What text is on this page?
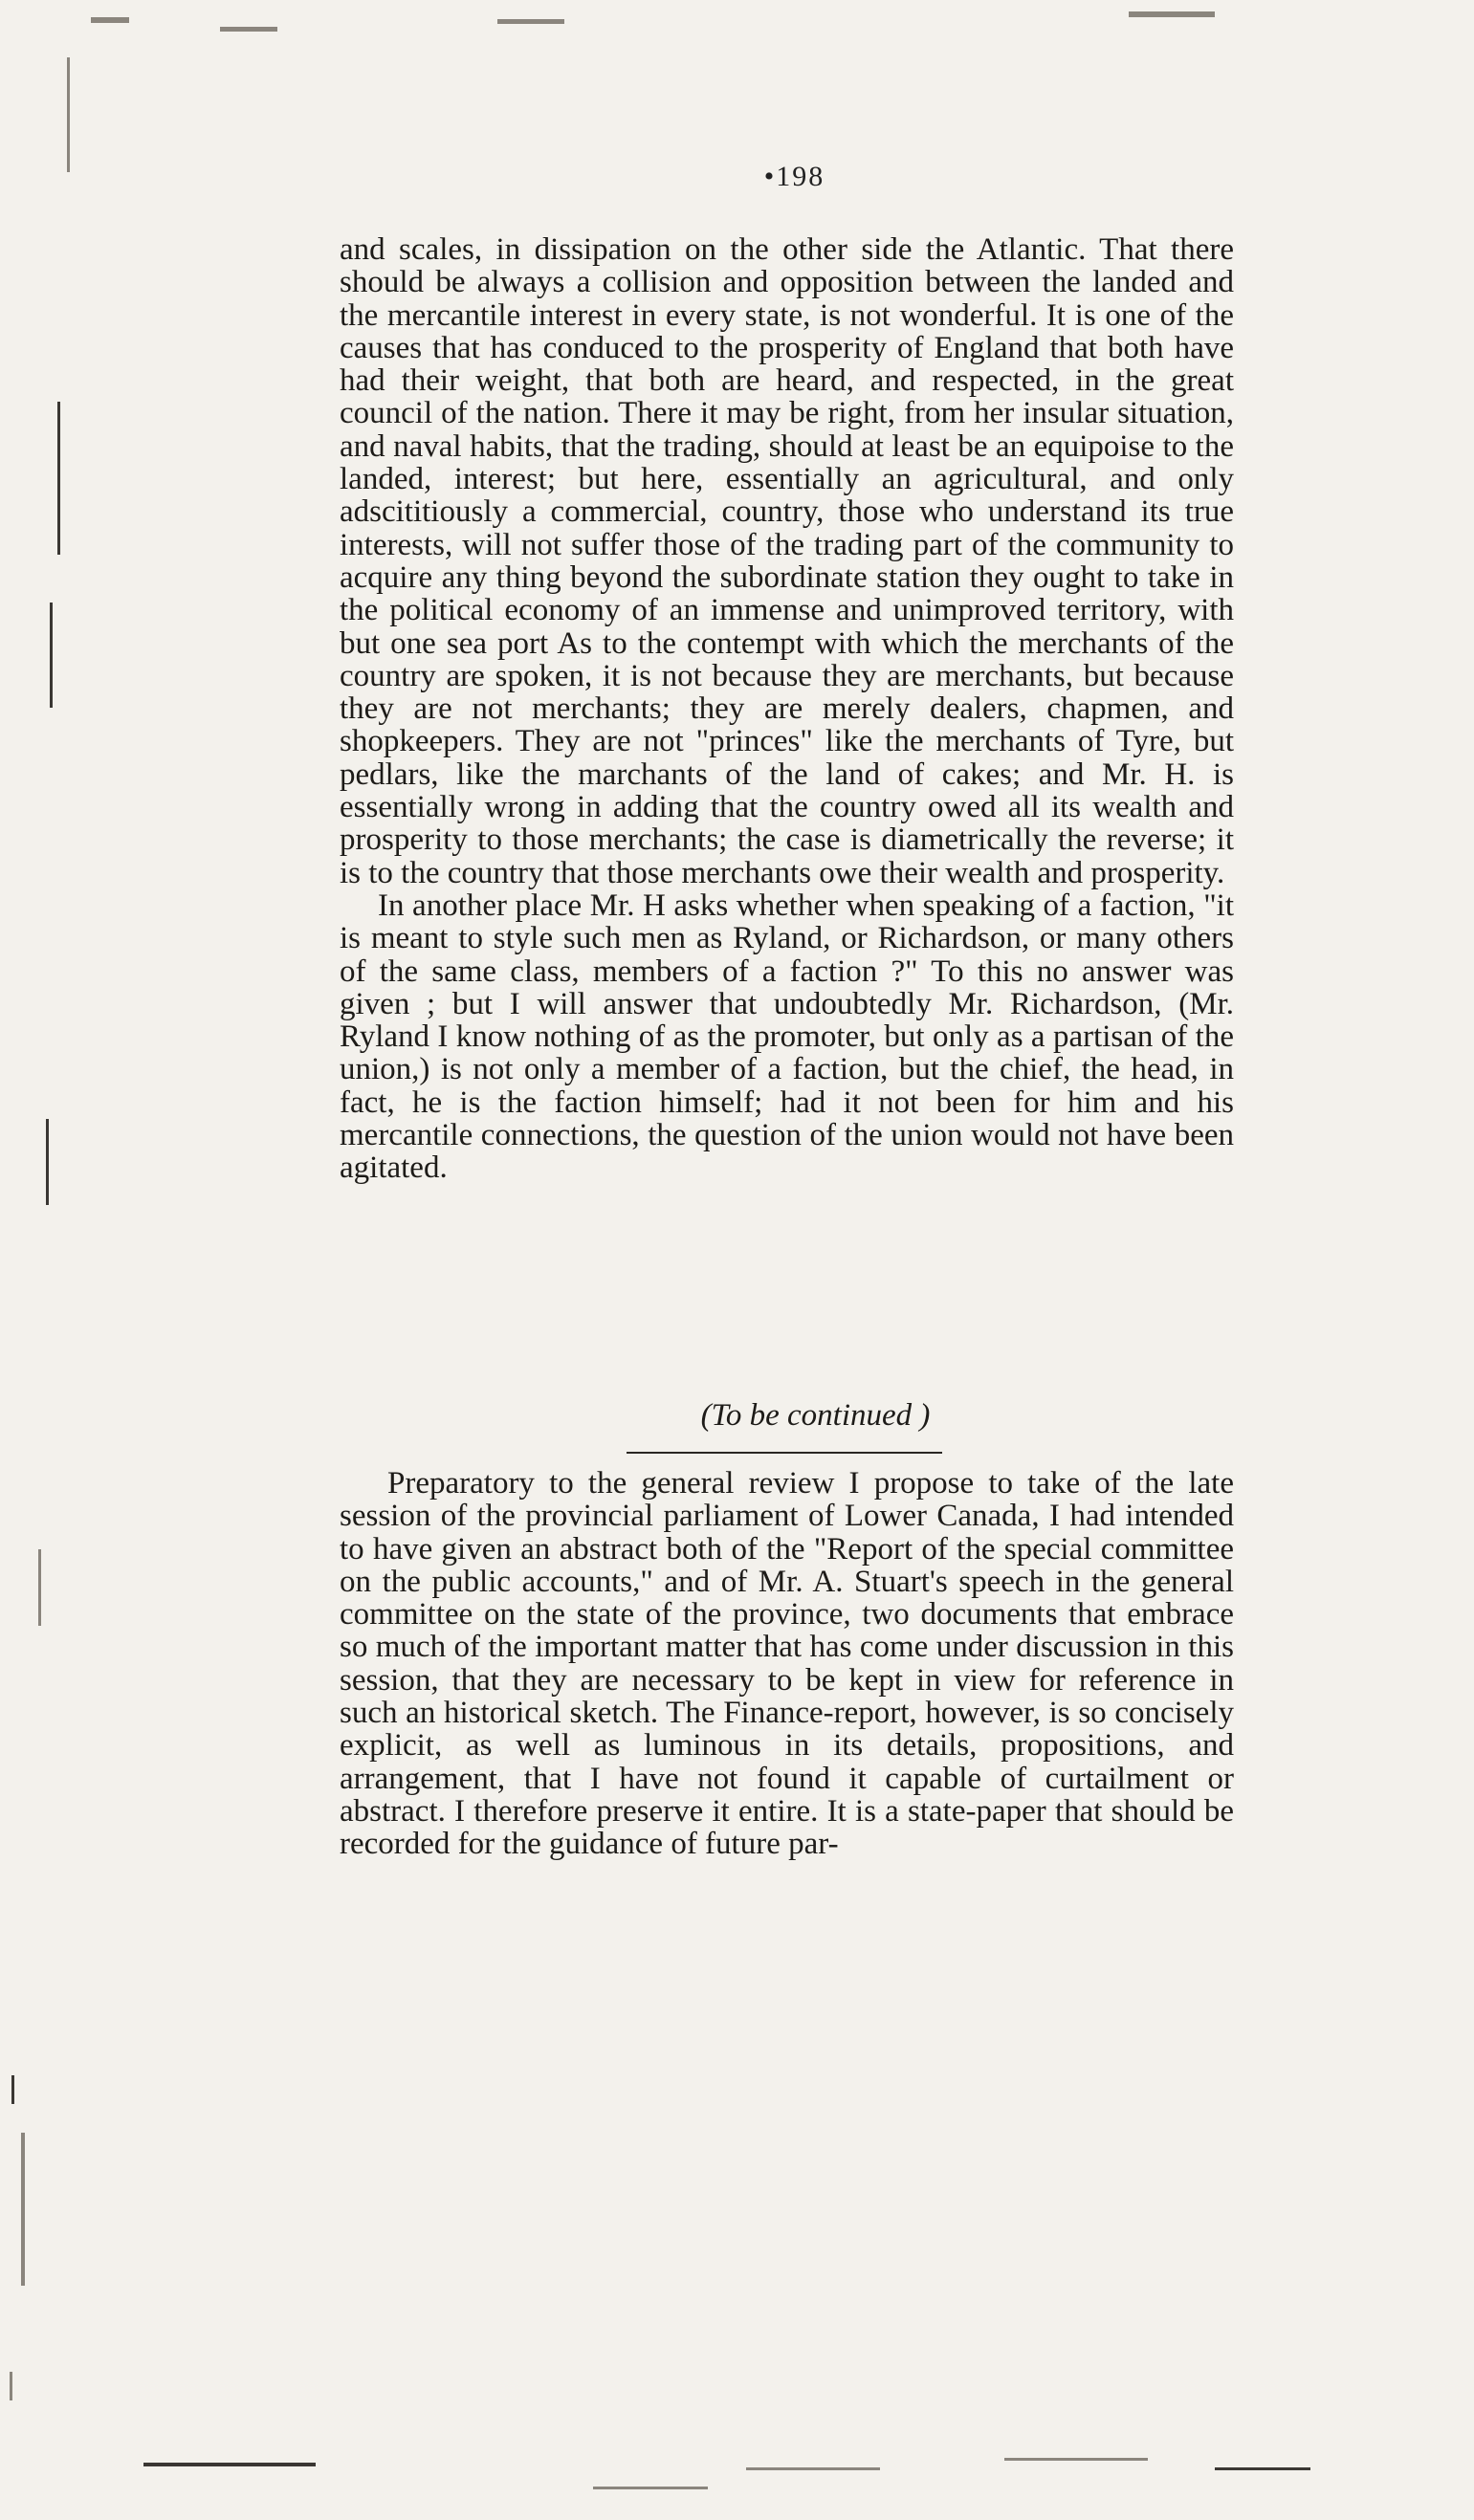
•198

and scales, in dissipation on the other side the Atlantic. That there should be always a collision and opposition between the landed and the mercantile interest in every state, is not wonderful. It is one of the causes that has conduced to the prosperity of England that both have had their weight, that both are heard, and respected, in the great council of the nation. There it may be right, from her insular situation, and naval habits, that the trading, should at least be an equipoise to the landed, interest; but here, essentially an agricultural, and only adscititiously a commercial, country, those who understand its true interests, will not suffer those of the trading part of the community to acquire any thing beyond the subordinate station they ought to take in the political economy of an immense and unimproved territory, with but one sea port As to the contempt with which the merchants of the country are spoken, it is not because they are merchants, but because they are not merchants; they are merely dealers, chapmen, and shopkeepers. They are not "princes" like the merchants of Tyre, but pedlars, like the marchants of the land of cakes; and Mr. H. is essentially wrong in adding that the country owed all its wealth and prosperity to those merchants; the case is diametrically the reverse; it is to the country that those merchants owe their wealth and prosperity.

In another place Mr. H asks whether when speaking of a faction, "it is meant to style such men as Ryland, or Richardson, or many others of the same class, members of a faction ?" To this no answer was given ; but I will answer that undoubtedly Mr. Richardson, (Mr. Ryland I know nothing of as the promoter, but only as a partisan of the union,) is not only a member of a faction, but the chief, the head, in fact, he is the faction himself; had it not been for him and his mercantile connections, the question of the union would not have been agitated.

(To be continued )

Preparatory to the general review I propose to take of the late session of the provincial parliament of Lower Canada, I had intended to have given an abstract both of the "Report of the special committee on the public accounts," and of Mr. A. Stuart's speech in the general committee on the state of the province, two documents that embrace so much of the important matter that has come under discussion in this session, that they are necessary to be kept in view for reference in such an historical sketch. The Finance-report, however, is so concisely explicit, as well as luminous in its details, propositions, and arrangement, that I have not found it capable of curtailment or abstract. I therefore preserve it entire. It is a state-paper that should be recorded for the guidance of future par-
